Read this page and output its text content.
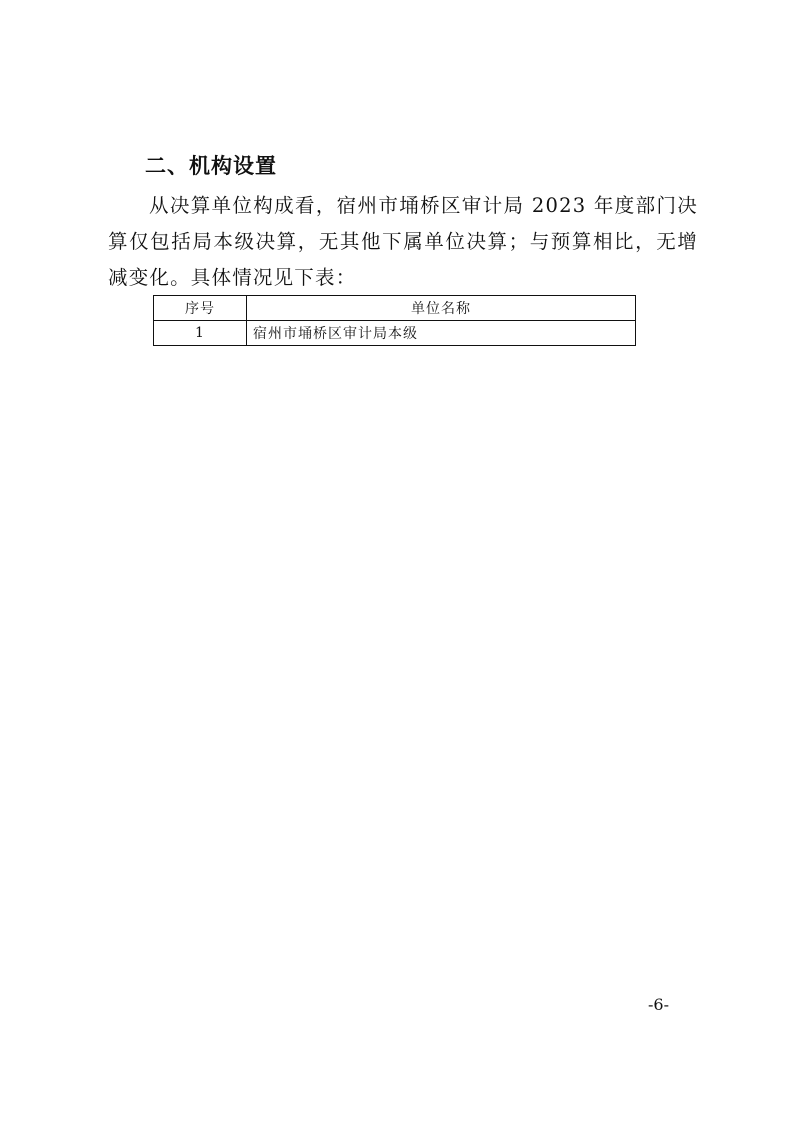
二、机构设置

从决算单位构成看，宿州市埇桥区审计局 2023 年度部门决算仅包括局本级决算，无其他下属单位决算；与预算相比，无增减变化。具体情况见下表：

序号	单位名称
1	宿州市埇桥区审计局本级
-6-
